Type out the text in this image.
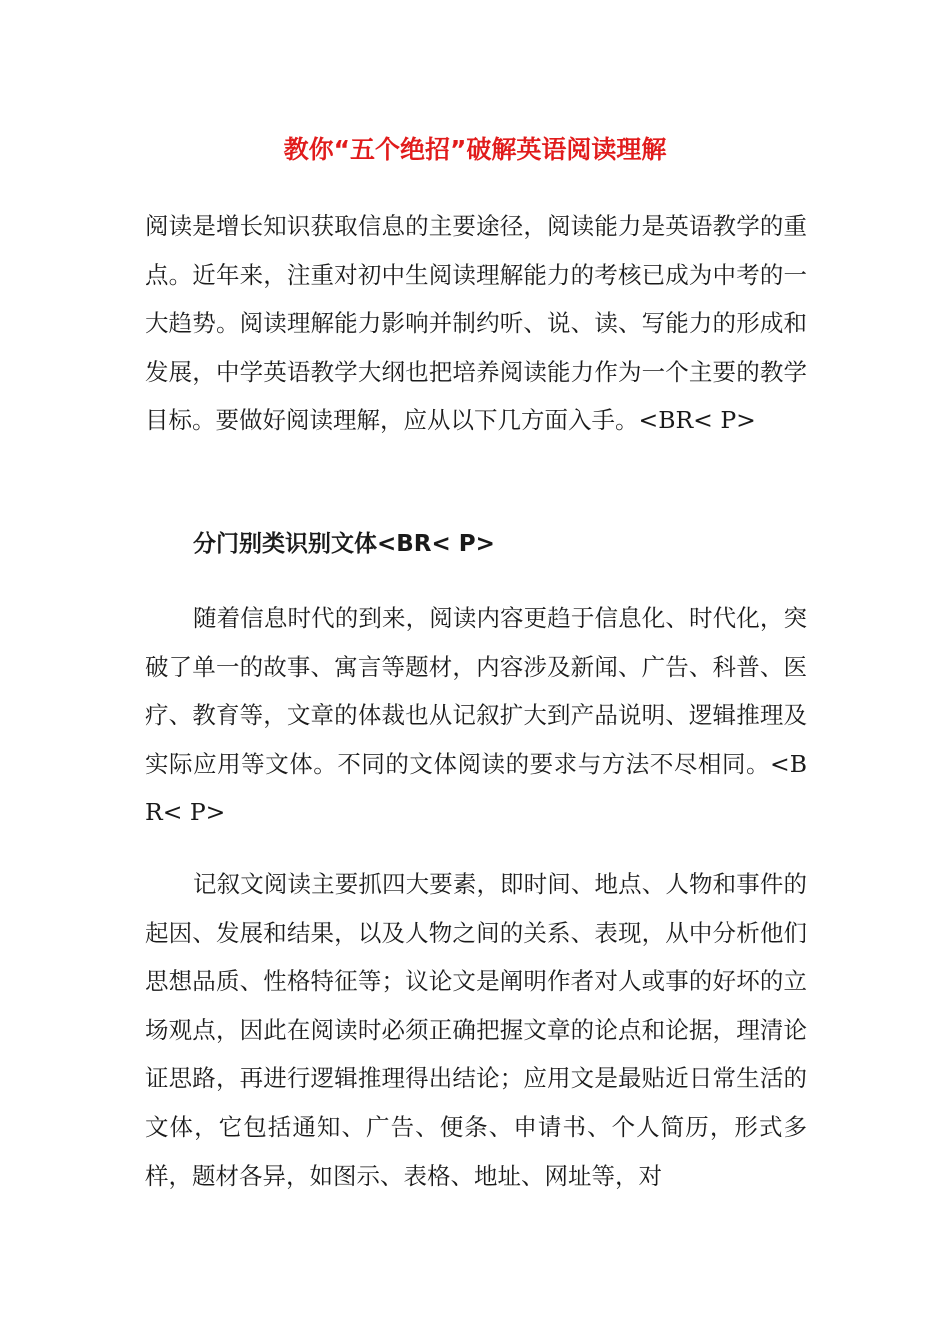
教你“五个绝招”破解英语阅读理解

阅读是增长知识获取信息的主要途径，阅读能力是英语教学的重点。近年来，注重对初中生阅读理解能力的考核已成为中考的一大趋势。阅读理解能力影响并制约听、说、读、写能力的形成和发展，中学英语教学大纲也把培养阅读能力作为一个主要的教学目标。要做好阅读理解，应从以下几方面入手。<BR< P>

分门别类识别文体<BR< P>

随着信息时代的到来，阅读内容更趋于信息化、时代化，突破了单一的故事、寓言等题材，内容涉及新闻、广告、科普、医疗、教育等，文章的体裁也从记叙扩大到产品说明、逻辑推理及实际应用等文体。不同的文体阅读的要求与方法不尽相同。<BR< P>

记叙文阅读主要抓四大要素，即时间、地点、人物和事件的起因、发展和结果，以及人物之间的关系、表现，从中分析他们思想品质、性格特征等；议论文是阐明作者对人或事的好坏的立场观点，因此在阅读时必须正确把握文章的论点和论据，理清论证思路，再进行逻辑推理得出结论；应用文是最贴近日常生活的文体，它包括通知、广告、便条、申请书、个人简历，形式多样，题材各异，如图示、表格、地址、网址等，对
